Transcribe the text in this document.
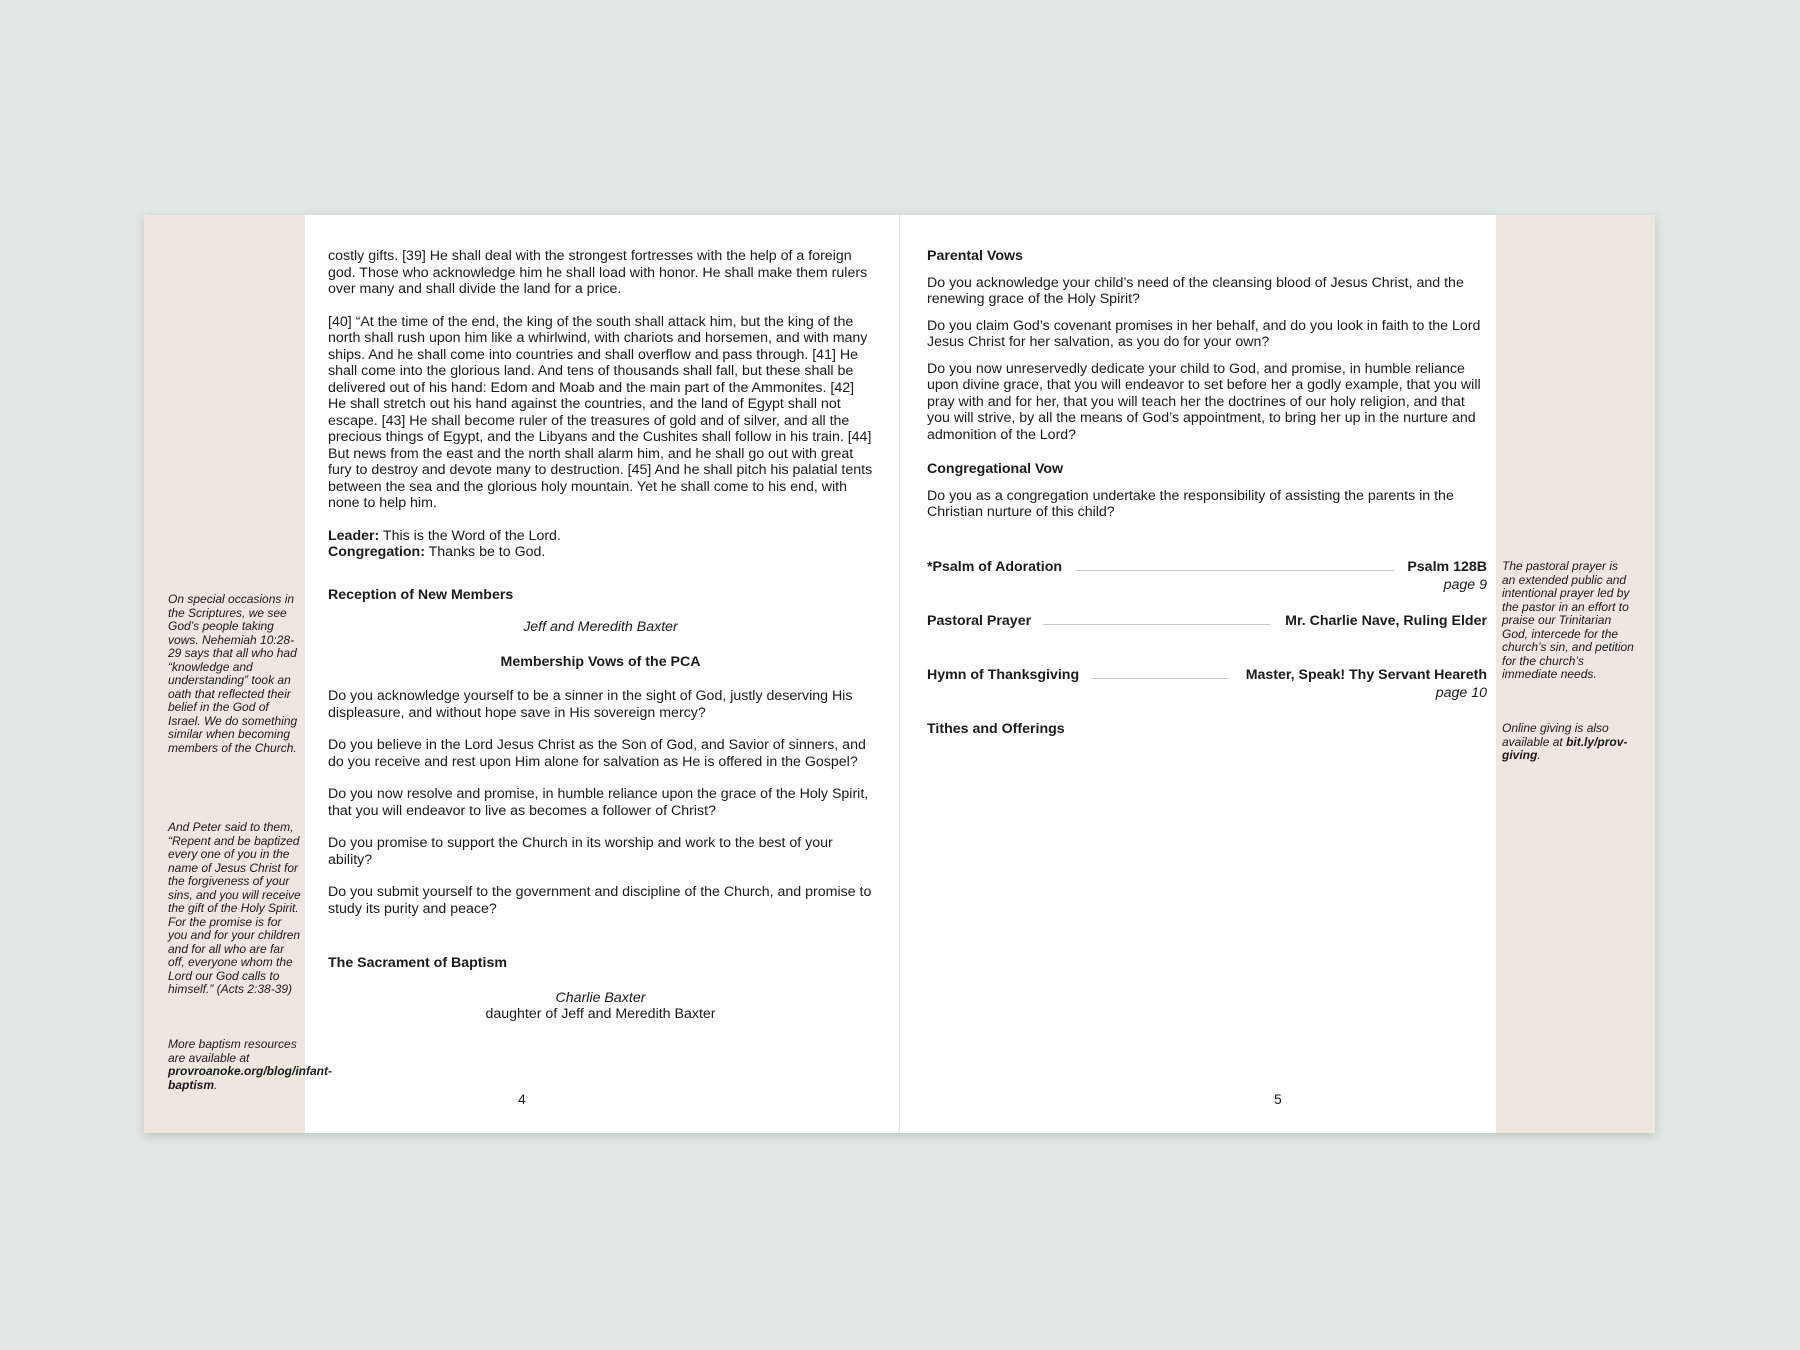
On special occasions in the Scriptures, we see God’s people taking vows. Nehemiah 10:28-29 says that all who had “knowledge and understanding” took an oath that reflected their belief in the God of Israel. We do something similar when becoming members of the Church.

And Peter said to them, “Repent and be baptized every one of you in the name of Jesus Christ for the forgiveness of your sins, and you will receive the gift of the Holy Spirit. For the promise is for you and for your children and for all who are far off, everyone whom the Lord our God calls to himself.” (Acts 2:38-39)

More baptism resources are available at provroanoke.org/blog/infant-baptism.

costly gifts. [39] He shall deal with the strongest fortresses with the help of a foreign god. Those who acknowledge him he shall load with honor. He shall make them rulers over many and shall divide the land for a price.

[40] “At the time of the end, the king of the south shall attack him, but the king of the north shall rush upon him like a whirlwind, with chariots and horsemen, and with many ships. And he shall come into countries and shall overflow and pass through. [41] He shall come into the glorious land. And tens of thousands shall fall, but these shall be delivered out of his hand: Edom and Moab and the main part of the Ammonites. [42] He shall stretch out his hand against the countries, and the land of Egypt shall not escape. [43] He shall become ruler of the treasures of gold and of silver, and all the precious things of Egypt, and the Libyans and the Cushites shall follow in his train. [44] But news from the east and the north shall alarm him, and he shall go out with great fury to destroy and devote many to destruction. [45] And he shall pitch his palatial tents between the sea and the glorious holy mountain. Yet he shall come to his end, with none to help him.

Leader: This is the Word of the Lord.

Congregation: Thanks be to God.

Reception of New Members

Jeff and Meredith Baxter

Membership Vows of the PCA

Do you acknowledge yourself to be a sinner in the sight of God, justly deserving His displeasure, and without hope save in His sovereign mercy?

Do you believe in the Lord Jesus Christ as the Son of God, and Savior of sinners, and do you receive and rest upon Him alone for salvation as He is offered in the Gospel?

Do you now resolve and promise, in humble reliance upon the grace of the Holy Spirit, that you will endeavor to live as becomes a follower of Christ?

Do you promise to support the Church in its worship and work to the best of your ability?

Do you submit yourself to the government and discipline of the Church, and promise to study its purity and peace?

The Sacrament of Baptism

Charlie Baxter

daughter of Jeff and Meredith Baxter

4

Parental Vows

Do you acknowledge your child’s need of the cleansing blood of Jesus Christ, and the renewing grace of the Holy Spirit?

Do you claim God’s covenant promises in her behalf, and do you look in faith to the Lord Jesus Christ for her salvation, as you do for your own?

Do you now unreservedly dedicate your child to God, and promise, in humble reliance upon divine grace, that you will endeavor to set before her a godly example, that you will pray with and for her, that you will teach her the doctrines of our holy religion, and that you will strive, by all the means of God’s appointment, to bring her up in the nurture and admonition of the Lord?

Congregational Vow

Do you as a congregation undertake the responsibility of assisting the parents in the Christian nurture of this child?

*Psalm of Adoration	Psalm 128B
page 9
Pastoral Prayer	Mr. Charlie Nave, Ruling Elder
Hymn of Thanksgiving	Master, Speak! Thy Servant Heareth
page 10
Tithes and Offerings
5

The pastoral prayer is an extended public and intentional prayer led by the pastor in an effort to praise our Trinitarian God, intercede for the church’s sin, and petition for the church’s immediate needs.

Online giving is also available at bit.ly/prov-giving.
